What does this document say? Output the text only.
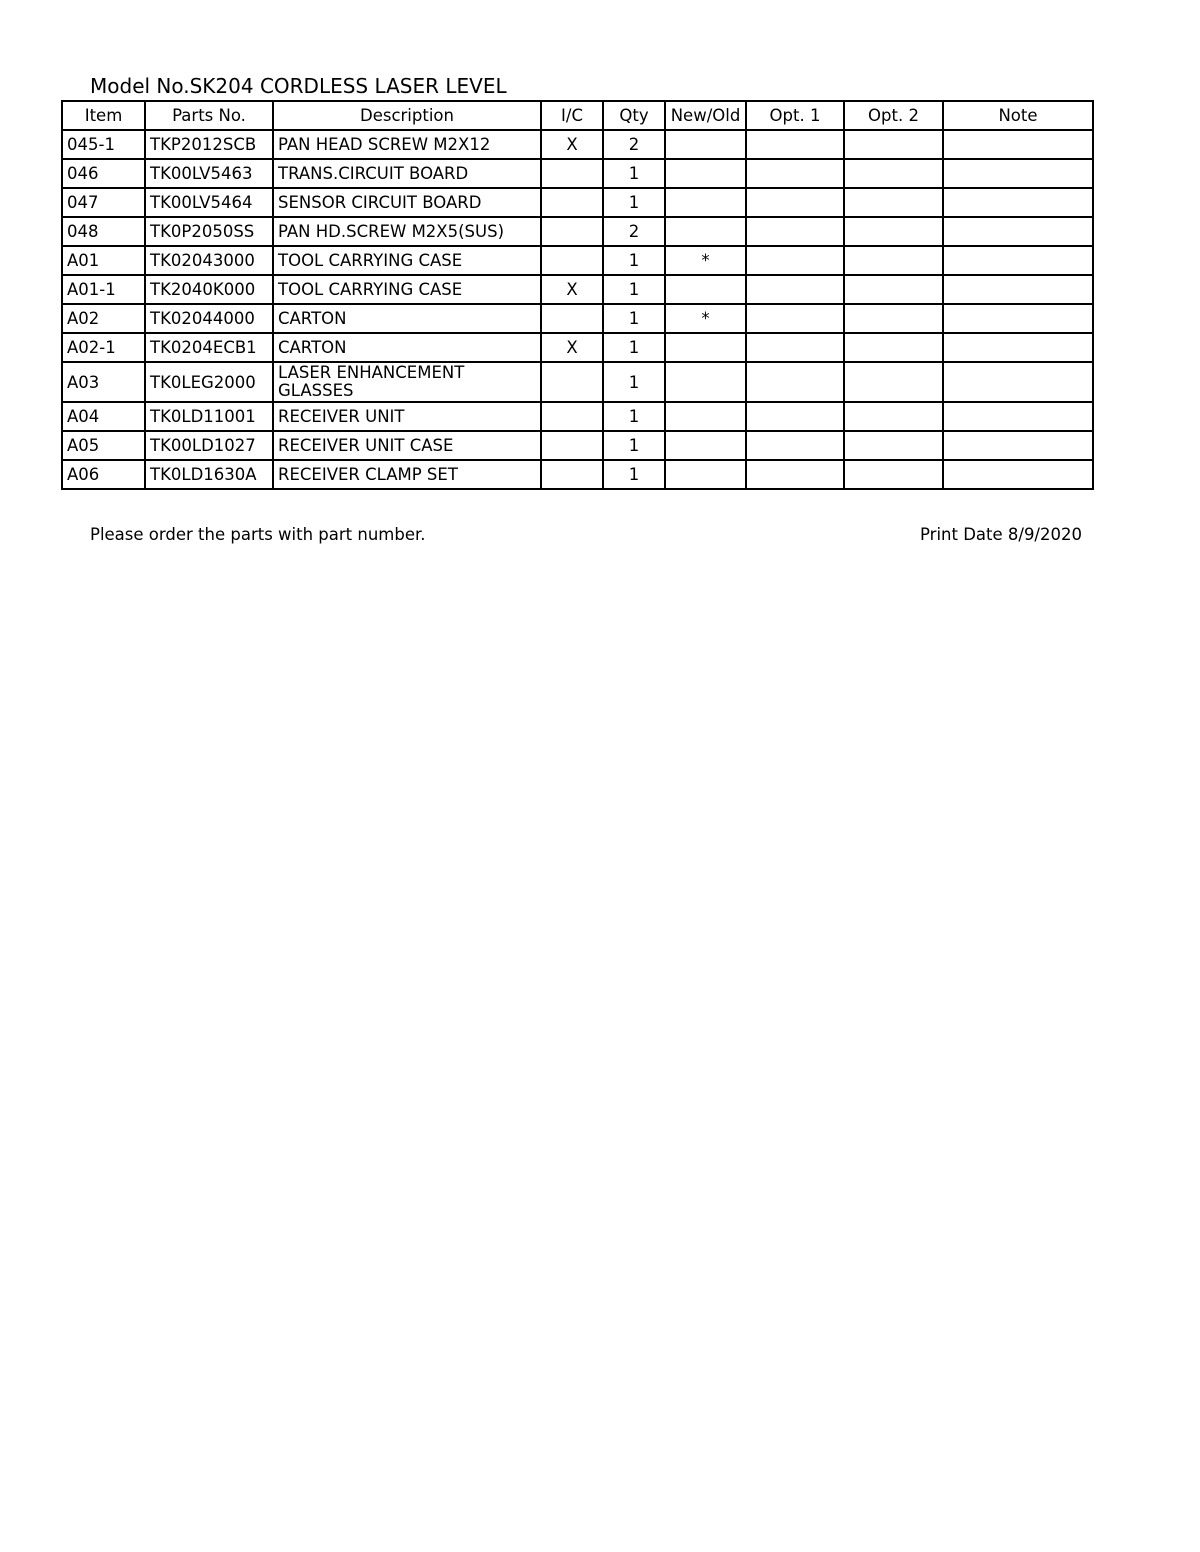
Model No.SK204 CORDLESS LASER LEVEL
Item	Parts No.	Description	I/C	Qty	New/Old	Opt. 1	Opt. 2	Note
045-1	TKP2012SCB	PAN HEAD SCREW M2X12	X	2				
046	TK00LV5463	TRANS.CIRCUIT BOARD		1				
047	TK00LV5464	SENSOR CIRCUIT BOARD		1				
048	TK0P2050SS	PAN HD.SCREW M2X5(SUS)		2				
A01	TK02043000	TOOL CARRYING CASE		1	*			
A01-1	TK2040K000	TOOL CARRYING CASE	X	1				
A02	TK02044000	CARTON		1	*			
A02-1	TK0204ECB1	CARTON	X	1				
A03	TK0LEG2000	LASER ENHANCEMENT GLASSES		1				
A04	TK0LD11001	RECEIVER UNIT		1				
A05	TK00LD1027	RECEIVER UNIT CASE		1				
A06	TK0LD1630A	RECEIVER CLAMP SET		1				
Please order the parts with part number.	Print Date 8/9/2020
